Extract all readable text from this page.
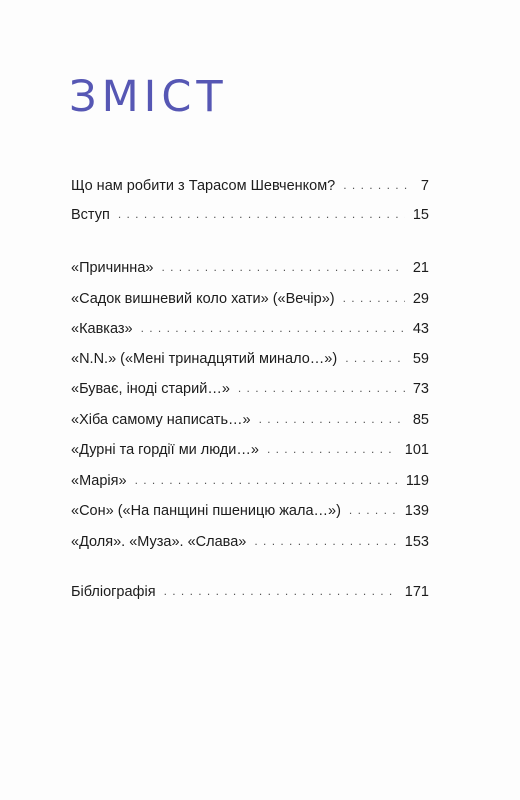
ЗМІСТ
Що нам робити з Тарасом Шевченком? . . .	7
Вступ . . .	15
«Причинна» . . .	21
«Садок вишневий коло хати» («Вечір») . . .	29
«Кавказ» . . .	43
«N.N.» («Мені тринадцятий минало…») . . .	59
«Буває, іноді старий…» . . .	73
«Хіба самому написать…» . . .	85
«Дурні та гордії ми люди…» . . .	101
«Марія» . . .	119
«Сон» («На панщині пшеницю жала…») . . .	139
«Доля». «Муза». «Слава» . . .	153
Бібліографія . . .	171
